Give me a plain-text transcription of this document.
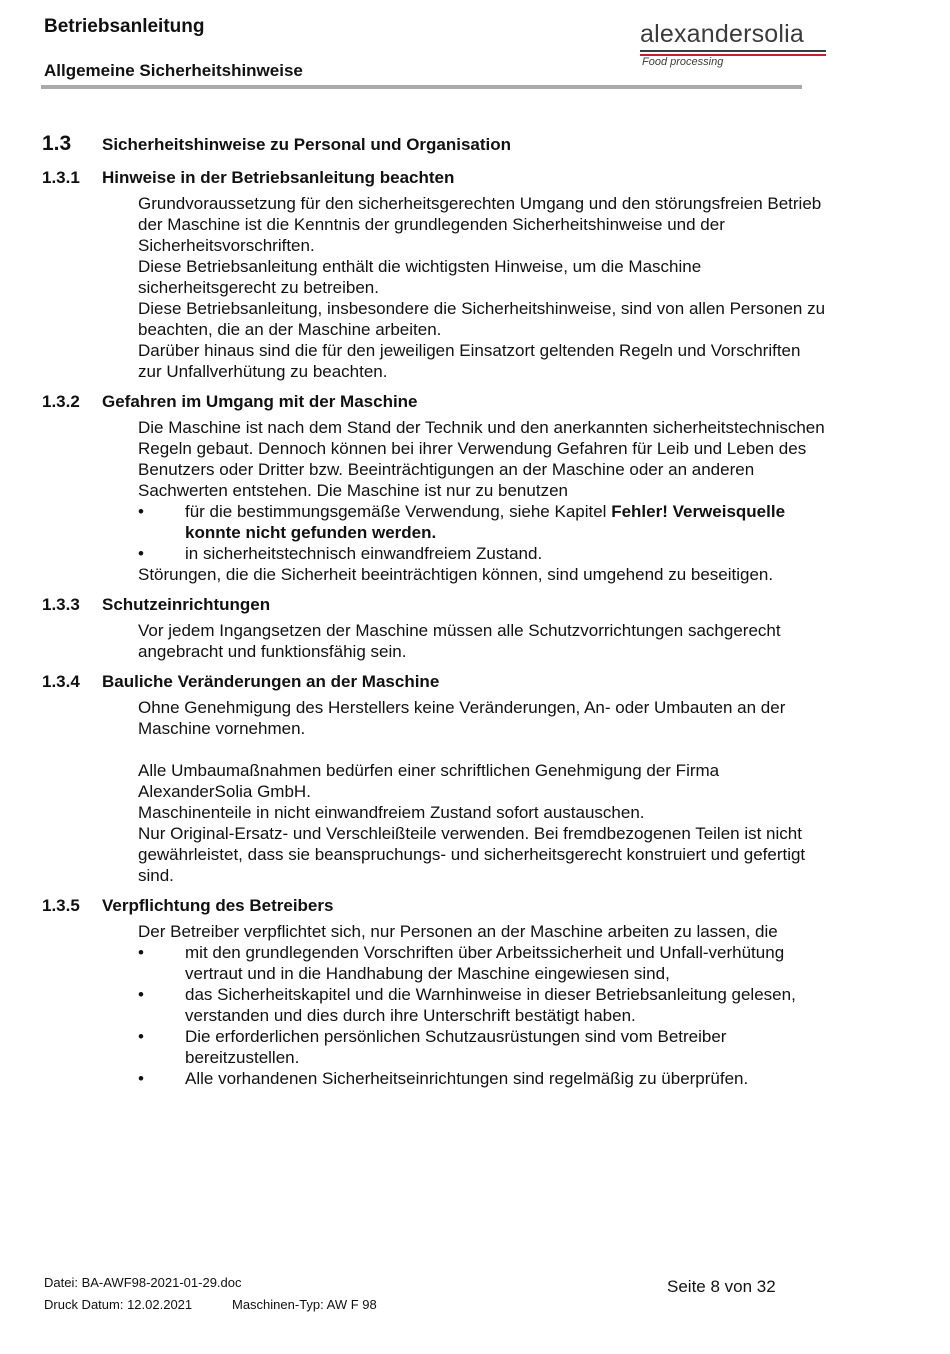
Betriebsanleitung
Allgemeine Sicherheitshinweise
alexandersolia
Food processing
1.3	Sicherheitshinweise zu Personal und Organisation
1.3.1	Hinweise in der Betriebsanleitung beachten

Grundvoraussetzung für den sicherheitsgerechten Umgang und den störungsfreien Betrieb

der Maschine ist die Kenntnis der grundlegenden Sicherheitshinweise und der

Sicherheitsvorschriften.

Diese Betriebsanleitung enthält die wichtigsten Hinweise, um die Maschine

sicherheitsgerecht zu betreiben.

Diese Betriebsanleitung, insbesondere die Sicherheitshinweise, sind von allen Personen zu

beachten, die an der Maschine arbeiten.

Darüber hinaus sind die für den jeweiligen Einsatzort geltenden Regeln und Vorschriften

zur Unfallverhütung zu beachten.

1.3.2	Gefahren im Umgang mit der Maschine

Die Maschine ist nach dem Stand der Technik und den anerkannten sicherheitstechnischen

Regeln gebaut. Dennoch können bei ihrer Verwendung Gefahren für Leib und Leben des

Benutzers oder Dritter bzw. Beeinträchtigungen an der Maschine oder an anderen

Sachwerten entstehen. Die Maschine ist nur zu benutzen

•	für die bestimmungsgemäße Verwendung, siehe Kapitel Fehler! Verweisquelle
konnte nicht gefunden werden.
•	in sicherheitstechnisch einwandfreiem Zustand.

Störungen, die die Sicherheit beeinträchtigen können, sind umgehend zu beseitigen.

1.3.3	Schutzeinrichtungen

Vor jedem Ingangsetzen der Maschine müssen alle Schutzvorrichtungen sachgerecht

angebracht und funktionsfähig sein.

1.3.4	Bauliche Veränderungen an der Maschine

Ohne Genehmigung des Herstellers keine Veränderungen, An- oder Umbauten an der

Maschine vornehmen.

Alle Umbaumaßnahmen bedürfen einer schriftlichen Genehmigung der Firma

AlexanderSolia GmbH.

Maschinenteile in nicht einwandfreiem Zustand sofort austauschen.

Nur Original-Ersatz- und Verschleißteile verwenden. Bei fremdbezogenen Teilen ist nicht

gewährleistet, dass sie beanspruchungs- und sicherheitsgerecht konstruiert und gefertigt

sind.

1.3.5	Verpflichtung des Betreibers

Der Betreiber verpflichtet sich, nur Personen an der Maschine arbeiten zu lassen, die

•	mit den grundlegenden Vorschriften über Arbeitssicherheit und Unfall-verhütung
vertraut und in die Handhabung der Maschine eingewiesen sind,
•	das Sicherheitskapitel und die Warnhinweise in dieser Betriebsanleitung gelesen,
verstanden und dies durch ihre Unterschrift bestätigt haben.
•	Die erforderlichen persönlichen Schutzausrüstungen sind vom Betreiber
bereitzustellen.
•	Alle vorhandenen Sicherheitseinrichtungen sind regelmäßig zu überprüfen.
Datei: BA-AWF98-2021-01-29.doc
Druck Datum: 12.02.2021	Maschinen-Typ: AW F 98
Seite 8 von 32
